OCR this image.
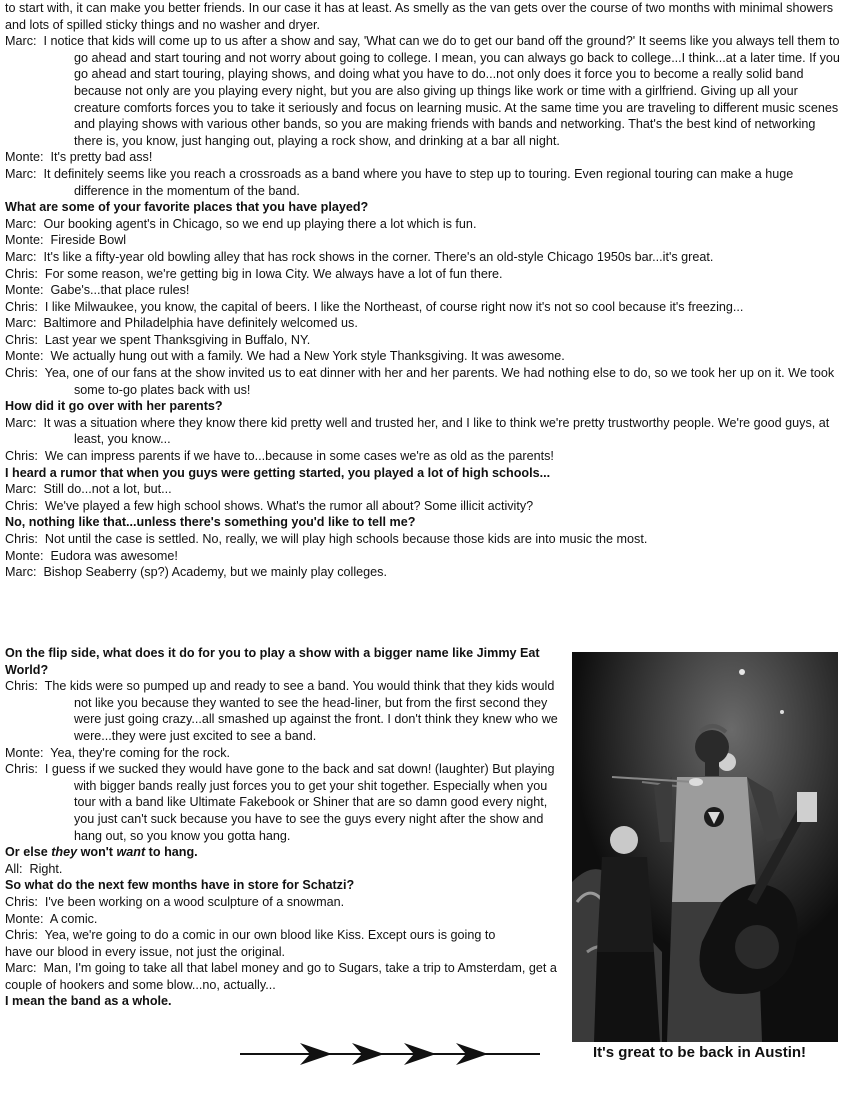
to start with, it can make you better friends. In our case it has at least. As smelly as the van gets over the course of two months with minimal showers and lots of spilled sticky things and no washer and dryer.

Marc: I notice that kids will come up to us after a show and say, 'What can we do to get our band off the ground?' It seems like you always tell them to go ahead and start touring and not worry about going to college. I mean, you can always go back to college...I think...at a later time. If you go ahead and start touring, playing shows, and doing what you have to do...not only does it force you to become a really solid band because not only are you playing every night, but you are also giving up things like work or time with a girlfriend. Giving up all your creature comforts forces you to take it seriously and focus on learning music. At the same time you are traveling to different music scenes and playing shows with various other bands, so you are making friends with bands and networking. That's the best kind of networking there is, you know, just hanging out, playing a rock show, and drinking at a bar all night.

Monte: It's pretty bad ass!

Marc: It definitely seems like you reach a crossroads as a band where you have to step up to touring. Even regional touring can make a huge difference in the momentum of the band.

What are some of your favorite places that you have played?

Marc: Our booking agent's in Chicago, so we end up playing there a lot which is fun.

Monte: Fireside Bowl

Marc: It's like a fifty-year old bowling alley that has rock shows in the corner. There's an old-style Chicago 1950s bar...it's great.

Chris: For some reason, we're getting big in Iowa City. We always have a lot of fun there.

Monte: Gabe's...that place rules!

Chris: I like Milwaukee, you know, the capital of beers. I like the Northeast, of course right now it's not so cool because it's freezing...

Marc: Baltimore and Philadelphia have definitely welcomed us.

Chris: Last year we spent Thanksgiving in Buffalo, NY.

Monte: We actually hung out with a family. We had a New York style Thanksgiving. It was awesome.

Chris: Yea, one of our fans at the show invited us to eat dinner with her and her parents. We had nothing else to do, so we took her up on it. We took some to-go plates back with us!

How did it go over with her parents?

Marc: It was a situation where they know there kid pretty well and trusted her, and I like to think we're pretty trustworthy people. We're good guys, at least, you know...

Chris: We can impress parents if we have to...because in some cases we're as old as the parents!

I heard a rumor that when you guys were getting started, you played a lot of high schools...

Marc: Still do...not a lot, but...

Chris: We've played a few high school shows. What's the rumor all about? Some illicit activity?

No, nothing like that...unless there's something you'd like to tell me?

Chris: Not until the case is settled. No, really, we will play high schools because those kids are into music the most.

Monte: Eudora was awesome!

Marc: Bishop Seaberry (sp?) Academy, but we mainly play colleges.

On the flip side, what does it do for you to play a show with a bigger name like Jimmy Eat World?

Chris: The kids were so pumped up and ready to see a band. You would think that they kids would not like you because they wanted to see the head-liner, but from the first second they were just going crazy...all smashed up against the front. I don't think they knew who we were...they were just excited to see a band.

Monte: Yea, they're coming for the rock.

Chris: I guess if we sucked they would have gone to the back and sat down! (laughter) But playing with bigger bands really just forces you to get your shit together. Especially when you tour with a band like Ultimate Fakebook or Shiner that are so damn good every night, you just can't suck because you have to see the guys every night after the show and hang out, so you know you gotta hang.

Or else they won't want to hang.

All: Right.

So what do the next few months have in store for Schatzi?

Chris: I've been working on a wood sculpture of a snowman.

Monte: A comic.

Chris: Yea, we're going to do a comic in our own blood like Kiss. Except ours is going to

have our blood in every issue, not just the original.

Marc: Man, I'm going to take all that label money and go to Sugars, take a trip to Amsterdam, get a couple of hookers and some blow...no, actually...

I mean the band as a whole.

It's great to be back in Austin!
